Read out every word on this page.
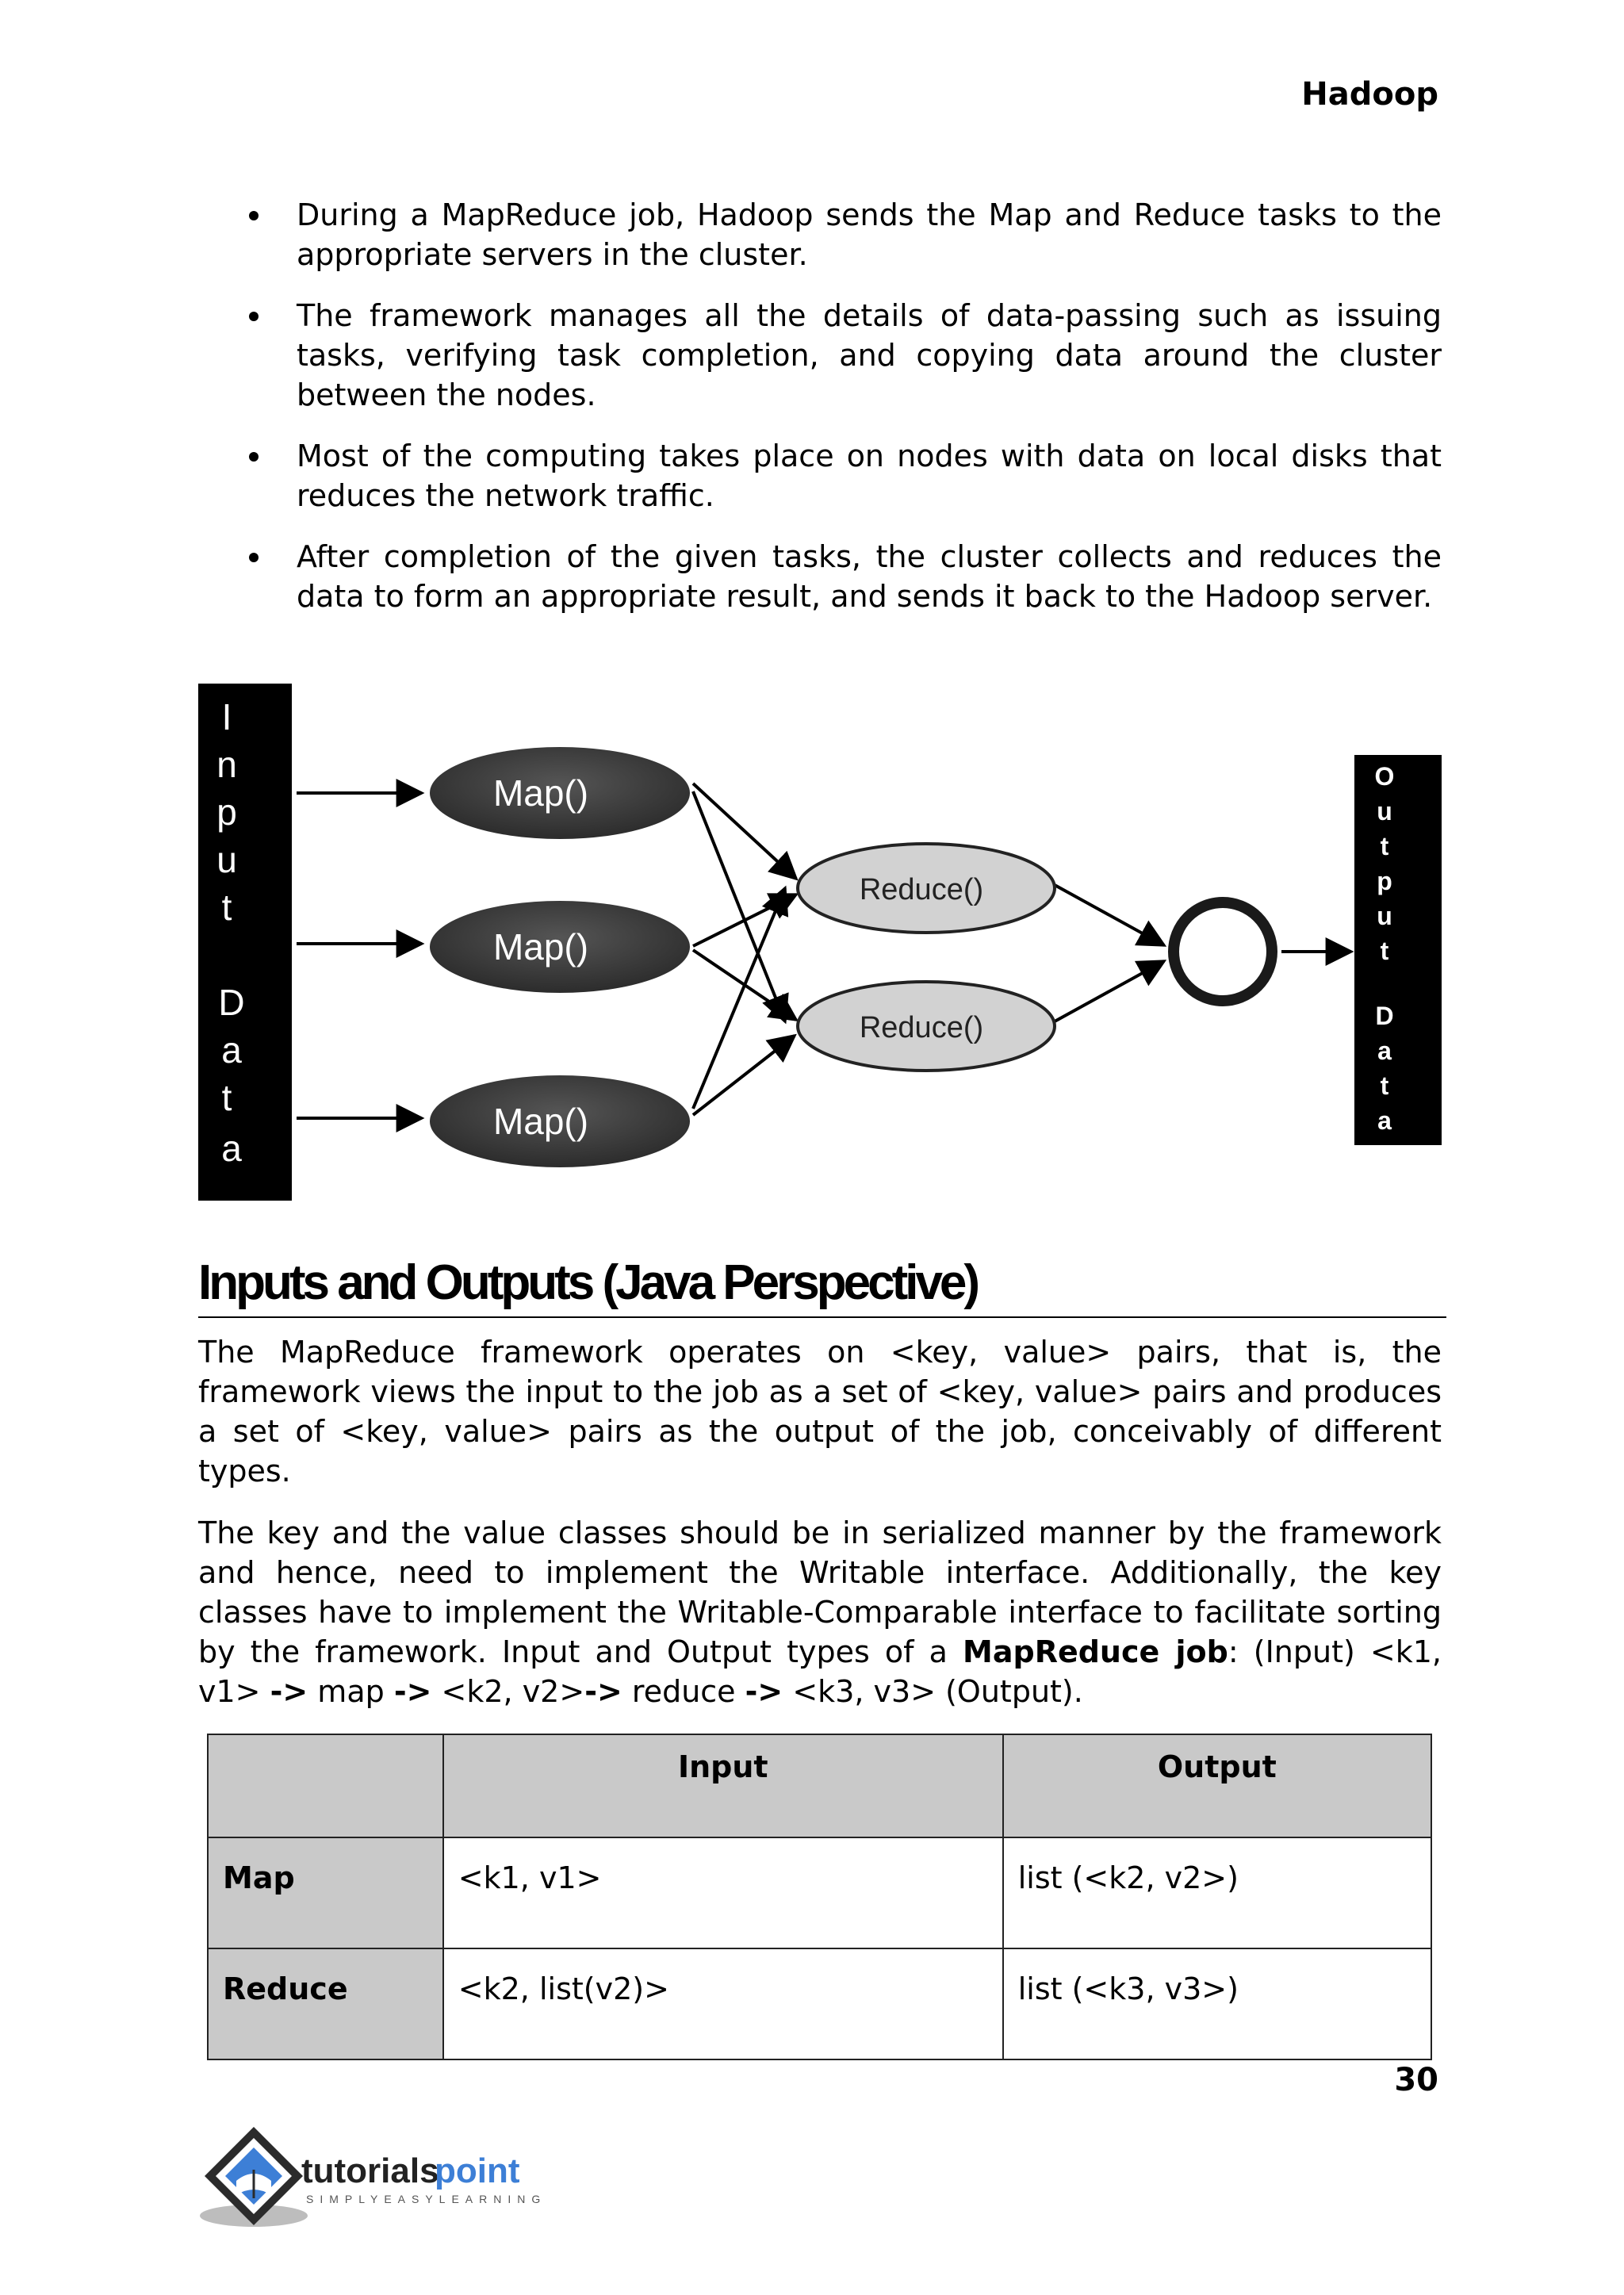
Hadoop
During a MapReduce job, Hadoop sends the Map and Reduce tasks to the appropriate servers in the cluster.
The framework manages all the details of data-passing such as issuing tasks, verifying task completion, and copying data around the cluster between the nodes.
Most of the computing takes place on nodes with data on local disks that reduces the network traffic.
After completion of the given tasks, the cluster collects and reduces the data to form an appropriate result, and sends it back to the Hadoop server.
I
n
p
u
t
D
a
t
a
O
u
t
p
u
t
D
a
t
a
Map()
Map()
Map()
Reduce()
Reduce()
Inputs and Outputs (Java Perspective)

The MapReduce framework operates on <key, value> pairs, that is, the framework views the input to the job as a set of <key, value> pairs and produces a set of <key, value> pairs as the output of the job, conceivably of different types.

The key and the value classes should be in serialized manner by the framework and hence, need to implement the Writable interface. Additionally, the key classes have to implement the Writable-Comparable interface to facilitate sorting by the framework. Input and Output types of a MapReduce job: (Input) <k1, v1> -> map -> <k2, v2>-> reduce -> <k3, v3> (Output).

	Input	Output
Map	<k1, v1>	list (<k2, v2>)
Reduce	<k2, list(v2)>	list (<k3, v3>)
30
tutorials
point
SIMPLYEASYLEARNING
